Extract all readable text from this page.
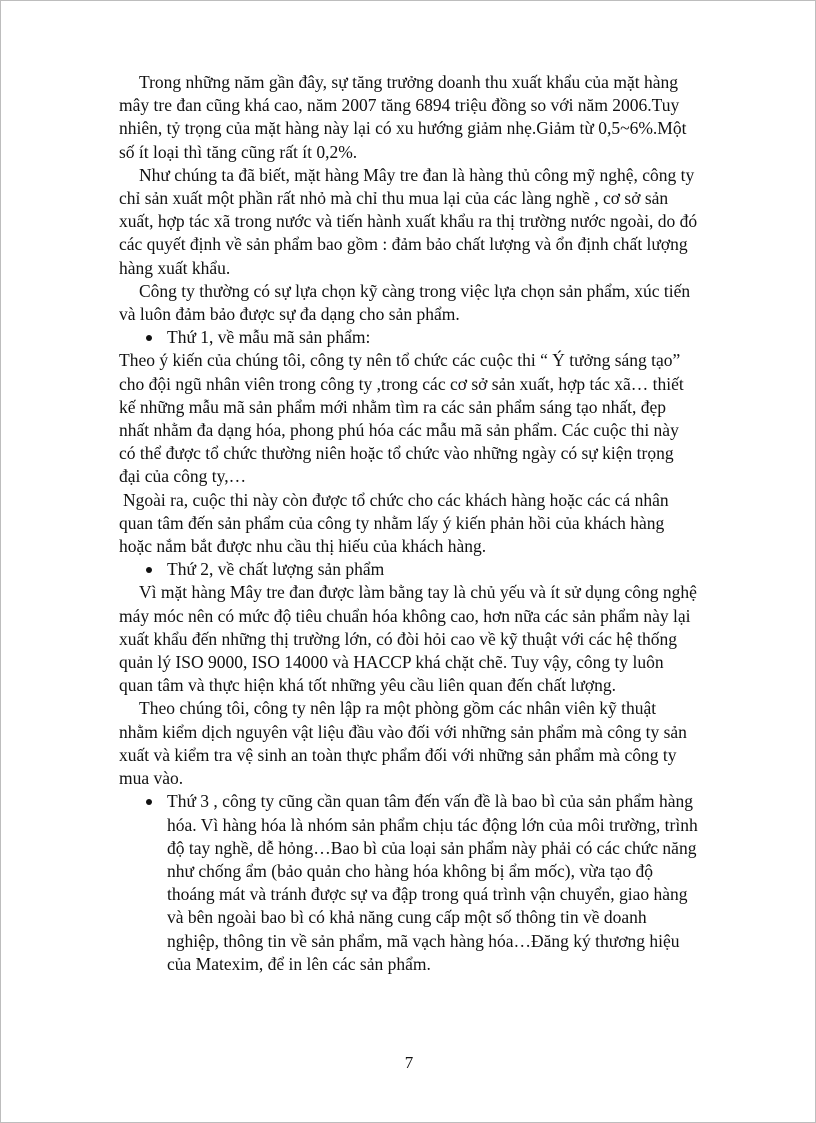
Trong những năm gần đây, sự tăng trưởng doanh thu xuất khẩu của mặt hàng mây tre đan cũng khá cao, năm 2007 tăng 6894 triệu đồng so với năm 2006.Tuy nhiên, tỷ trọng của mặt hàng này lại có xu hướng giảm nhẹ.Giảm từ 0,5~6%.Một số ít loại thì tăng cũng rất ít 0,2%.

Như chúng ta đã biết, mặt hàng Mây tre đan là hàng thủ công mỹ nghệ, công ty chỉ sản xuất một phần rất nhỏ mà chỉ thu mua lại của các làng nghề , cơ sở sản xuất, hợp tác xã trong nước và tiến hành xuất khẩu ra thị trường nước ngoài, do đó các quyết định về sản phẩm bao gồm : đảm bảo chất lượng và ổn định chất lượng hàng xuất khẩu.

Công ty thường có sự lựa chọn kỹ càng trong việc lựa chọn sản phẩm, xúc tiến và luôn đảm bảo được sự đa dạng cho sản phẩm.

Thứ 1, về mẫu mã sản phẩm:

Theo ý kiến của chúng tôi, công ty nên tổ chức các cuộc thi “ Ý tưởng sáng tạo” cho đội ngũ nhân viên trong công ty ,trong các cơ sở sản xuất, hợp tác xã… thiết kế những mẫu mã sản phẩm mới nhằm tìm ra các sản phẩm sáng tạo nhất, đẹp nhất nhằm đa dạng hóa, phong phú hóa các mẫu mã sản phẩm. Các cuộc thi này có thể được tổ chức thường niên hoặc tổ chức vào những ngày có sự kiện trọng đại của công ty,…

Ngoài ra, cuộc thi này còn được tổ chức cho các khách hàng hoặc các cá nhân quan tâm đến sản phẩm của công ty nhằm lấy ý kiến phản hồi của khách hàng hoặc nắm bắt được nhu cầu thị hiếu của khách hàng.

Thứ 2, về chất lượng sản phẩm

Vì mặt hàng Mây tre đan được làm bằng tay là chủ yếu và ít sử dụng công nghệ máy móc nên có mức độ tiêu chuẩn hóa không cao, hơn nữa các sản phẩm này lại xuất khẩu đến những thị trường lớn, có đòi hỏi cao về kỹ thuật với các hệ thống quản lý ISO 9000, ISO 14000 và HACCP khá chặt chẽ. Tuy vậy, công ty luôn quan tâm và thực hiện khá tốt những yêu cầu liên quan đến chất lượng.

Theo chúng tôi, công ty nên lập ra một phòng gồm các nhân viên kỹ thuật nhằm kiểm dịch nguyên vật liệu đầu vào đối với những sản phẩm mà công ty sản xuất và kiểm tra vệ sinh an toàn thực phẩm đối với những sản phẩm mà công ty mua vào.

Thứ 3 , công ty cũng cần quan tâm đến vấn đề là bao bì của sản phẩm hàng hóa. Vì hàng hóa là nhóm sản phẩm chịu tác động lớn của môi trường, trình độ tay nghề, dễ hỏng…Bao bì của loại sản phẩm này phải có các chức năng như chống ẩm (bảo quản cho hàng hóa không bị ẩm mốc), vừa tạo độ thoáng mát và tránh được sự va đập trong quá trình vận chuyển, giao hàng và bên ngoài bao bì có khả năng cung cấp một số thông tin về doanh nghiệp, thông tin về sản phẩm, mã vạch hàng hóa…Đăng ký thương hiệu của Matexim, để in lên các sản phẩm.

7
